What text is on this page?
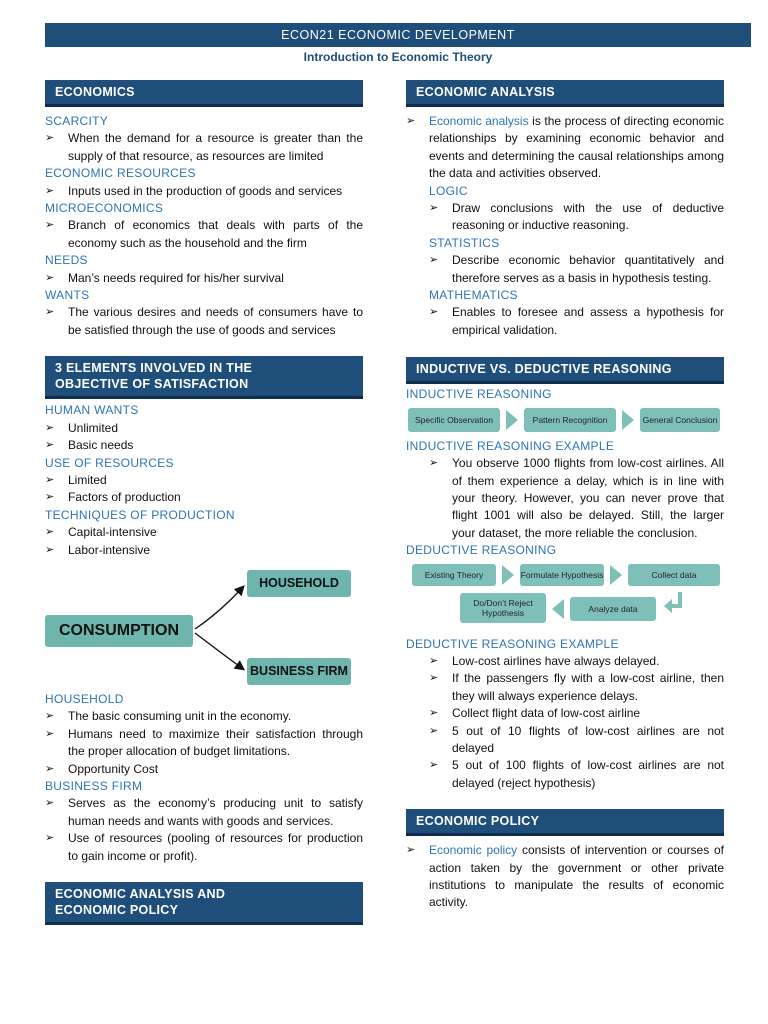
ECON21 ECONOMIC DEVELOPMENT
Introduction to Economic Theory
ECONOMICS
SCARCITY
➢	When the demand for a resource is greater than the supply of that resource, as resources are limited
ECONOMIC RESOURCES
➢	Inputs used in the production of goods and services
MICROECONOMICS
➢	Branch of economics that deals with parts of the economy such as the household and the firm
NEEDS
➢	Man’s needs required for his/her survival
WANTS
➢	The various desires and needs of consumers have to be satisfied through the use of goods and services
3 ELEMENTS INVOLVED IN THE
OBJECTIVE OF SATISFACTION
HUMAN WANTS
➢	Unlimited
➢	Basic needs
USE OF RESOURCES
➢	Limited
➢	Factors of production
TECHNIQUES OF PRODUCTION
➢	Capital-intensive
➢	Labor-intensive
HOUSEHOLD
CONSUMPTION
BUSINESS FIRM
HOUSEHOLD
➢	The basic consuming unit in the economy.
➢	Humans need to maximize their satisfaction through the proper allocation of budget limitations.
➢	Opportunity Cost
BUSINESS FIRM
➢	Serves as the economy’s producing unit to satisfy human needs and wants with goods and services.
➢	Use of resources (pooling of resources for production to gain income or profit).
ECONOMIC ANALYSIS AND
ECONOMIC POLICY
ECONOMIC ANALYSIS
➢	Economic analysis is the process of directing economic relationships by examining economic behavior and events and determining the causal relationships among the data and activities observed.
LOGIC
➢	Draw conclusions with the use of deductive reasoning or inductive reasoning.
STATISTICS
➢	Describe economic behavior quantitatively and therefore serves as a basis in hypothesis testing.
MATHEMATICS
➢	Enables to foresee and assess a hypothesis for empirical validation.
INDUCTIVE VS. DEDUCTIVE REASONING
INDUCTIVE REASONING
Specific Observation	Pattern Recognition	General Conclusion
INDUCTIVE REASONING EXAMPLE
➢	You observe 1000 flights from low-cost airlines. All of them experience a delay, which is in line with your theory. However, you can never prove that flight 1001 will also be delayed. Still, the larger your dataset, the more reliable the conclusion.
DEDUCTIVE REASONING
Existing Theory	Formulate Hypothesis	Collect data
Analyze data
Do/Don’t Reject Hypothesis
DEDUCTIVE REASONING EXAMPLE
➢	Low-cost airlines have always delayed.
➢	If the passengers fly with a low-cost airline, then they will always experience delays.
➢	Collect flight data of low-cost airline
➢	5 out of 10 flights of low-cost airlines are not delayed
➢	5 out of 100 flights of low-cost airlines are not delayed (reject hypothesis)
ECONOMIC POLICY
➢	Economic policy consists of intervention or courses of action taken by the government or other private institutions to manipulate the results of economic activity.
